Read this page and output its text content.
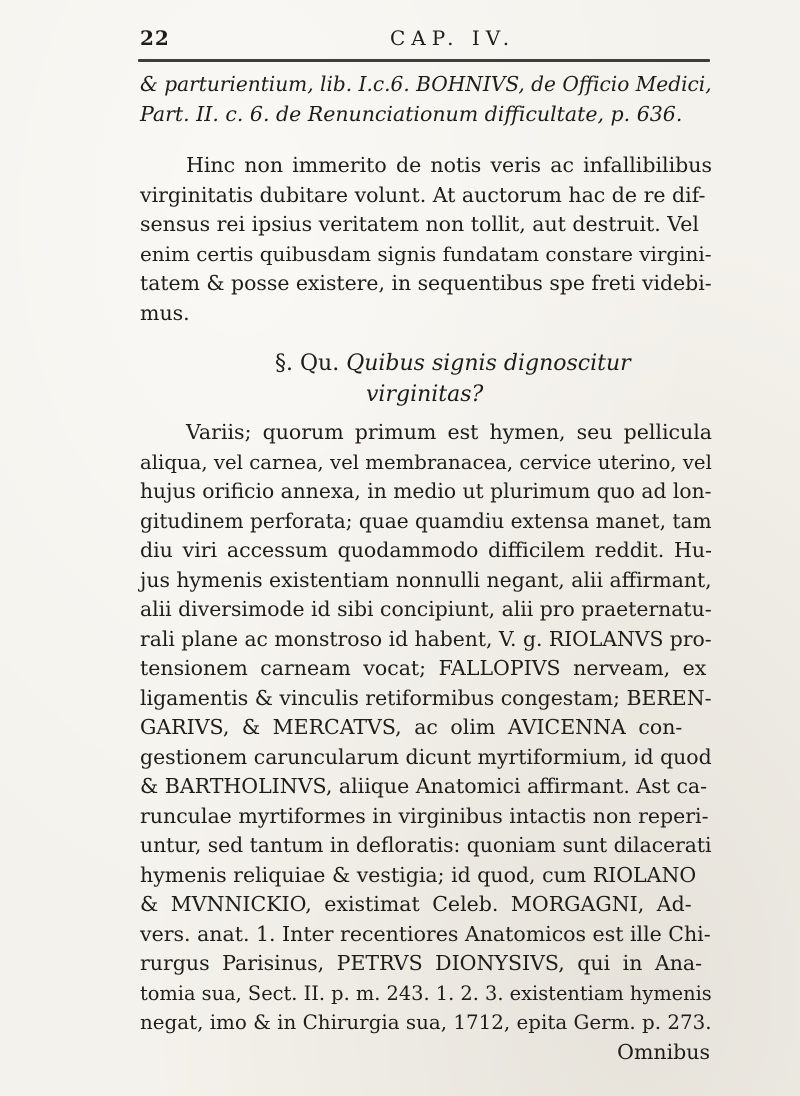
22	CAP. IV.
& parturientium, lib. I.c.6. BOHNIVS, de Officio Medici,
Part. II. c. 6. de Renunciationum difficultate, p. 636.
Hinc non immerito de notis veris ac infallibilibus
virginitatis dubitare volunt. At auctorum hac de re dif-
sensus rei ipsius veritatem non tollit, aut destruit. Vel
enim certis quibusdam signis fundatam constare virgini-
tatem & posse existere, in sequentibus spe freti videbi-
mus.
§. Qu. Quibus signis dignoscitur
virginitas?
Variis; quorum primum est hymen, seu pellicula
aliqua, vel carnea, vel membranacea, cervice uterino, vel
hujus orificio annexa, in medio ut plurimum quo ad lon-
gitudinem perforata; quae quamdiu extensa manet, tam
diu viri accessum quodammodo difficilem reddit. Hu-
jus hymenis existentiam nonnulli negant, alii affirmant,
alii diversimode id sibi concipiunt, alii pro praeternatu-
rali plane ac monstroso id habent, V. g. RIOLANVS pro-
tensionem carneam vocat; FALLOPIVS nerveam, ex
ligamentis & vinculis retiformibus congestam; BEREN-
GARIVS, & MERCATVS, ac olim AVICENNA con-
gestionem caruncularum dicunt myrtiformium, id quod
& BARTHOLINVS, aliique Anatomici affirmant. Ast ca-
runculae myrtiformes in virginibus intactis non reperi-
untur, sed tantum in defloratis: quoniam sunt dilacerati
hymenis reliquiae & vestigia; id quod, cum RIOLANO
& MVNNICKIO, existimat Celeb. MORGAGNI, Ad-
vers. anat. 1. Inter recentiores Anatomicos est ille Chi-
rurgus Parisinus, PETRVS DIONYSIVS, qui in Ana-
tomia sua, Sect. II. p. m. 243. 1. 2. 3. existentiam hymenis
negat, imo & in Chirurgia sua, 1712, epita Germ. p. 273.
Omnibus
